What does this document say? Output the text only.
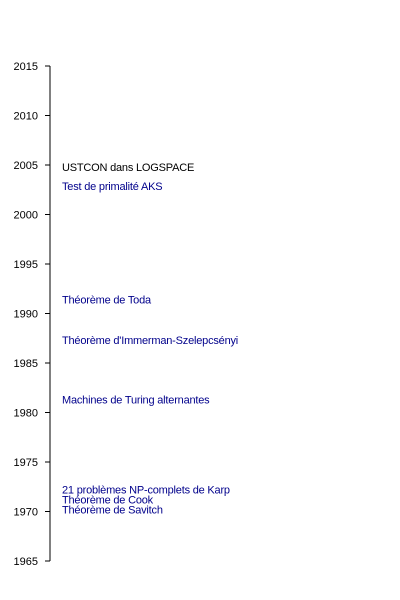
2015
2010
2005
2000
1995
1990
1985
1980
1975
1970
1965
USTCON dans LOGSPACE
Test de primalité AKS
Théorème de Toda
Théorème d'Immerman-Szelepcsényi
Machines de Turing alternantes
21 problèmes NP-complets de Karp
Théorème de Cook
Théorème de Savitch
